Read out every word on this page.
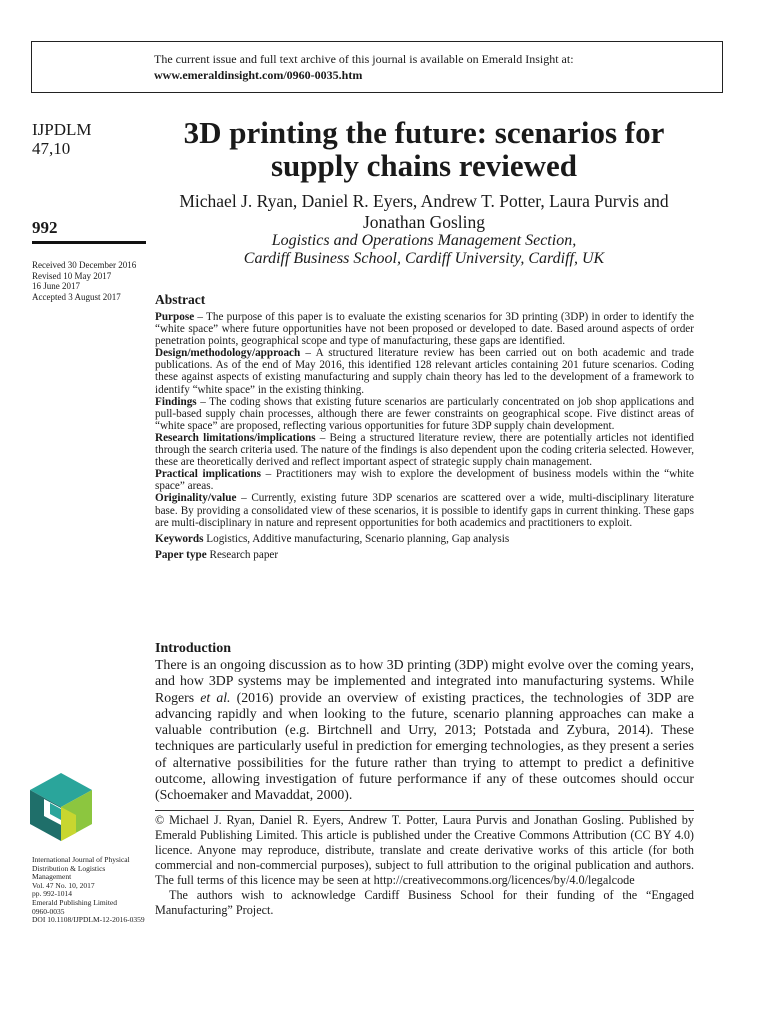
The current issue and full text archive of this journal is available on Emerald Insight at:
www.emeraldinsight.com/0960-0035.htm
IJPDLM
47,10
992
Received 30 December 2016
Revised 10 May 2017
16 June 2017
Accepted 3 August 2017
International Journal of Physical
Distribution & Logistics
Management
Vol. 47 No. 10, 2017
pp. 992-1014
Emerald Publishing Limited
0960-0035
DOI 10.1108/IJPDLM-12-2016-0359
3D printing the future: scenarios for supply chains reviewed
Michael J. Ryan, Daniel R. Eyers, Andrew T. Potter, Laura Purvis and Jonathan Gosling
Logistics and Operations Management Section,
Cardiff Business School, Cardiff University, Cardiff, UK
Abstract

Purpose – The purpose of this paper is to evaluate the existing scenarios for 3D printing (3DP) in order to identify the “white space” where future opportunities have not been proposed or developed to date. Based around aspects of order penetration points, geographical scope and type of manufacturing, these gaps are identified.

Design/methodology/approach – A structured literature review has been carried out on both academic and trade publications. As of the end of May 2016, this identified 128 relevant articles containing 201 future scenarios. Coding these against aspects of existing manufacturing and supply chain theory has led to the development of a framework to identify “white space” in the existing thinking.

Findings – The coding shows that existing future scenarios are particularly concentrated on job shop applications and pull-based supply chain processes, although there are fewer constraints on geographical scope. Five distinct areas of “white space” are proposed, reflecting various opportunities for future 3DP supply chain development.

Research limitations/implications – Being a structured literature review, there are potentially articles not identified through the search criteria used. The nature of the findings is also dependent upon the coding criteria selected. However, these are theoretically derived and reflect important aspect of strategic supply chain management.

Practical implications – Practitioners may wish to explore the development of business models within the “white space” areas.

Originality/value – Currently, existing future 3DP scenarios are scattered over a wide, multi-disciplinary literature base. By providing a consolidated view of these scenarios, it is possible to identify gaps in current thinking. These gaps are multi-disciplinary in nature and represent opportunities for both academics and practitioners to exploit.

Keywords Logistics, Additive manufacturing, Scenario planning, Gap analysis

Paper type Research paper

Introduction

There is an ongoing discussion as to how 3D printing (3DP) might evolve over the coming years, and how 3DP systems may be implemented and integrated into manufacturing systems. While Rogers et al. (2016) provide an overview of existing practices, the technologies of 3DP are advancing rapidly and when looking to the future, scenario planning approaches can make a valuable contribution (e.g. Birtchnell and Urry, 2013; Potstada and Zybura, 2014). These techniques are particularly useful in prediction for emerging technologies, as they present a series of alternative possibilities for the future rather than trying to attempt to predict a definitive outcome, allowing investigation of future performance if any of these outcomes should occur (Schoemaker and Mavaddat, 2000).

© Michael J. Ryan, Daniel R. Eyers, Andrew T. Potter, Laura Purvis and Jonathan Gosling. Published by Emerald Publishing Limited. This article is published under the Creative Commons Attribution (CC BY 4.0) licence. Anyone may reproduce, distribute, translate and create derivative works of this article (for both commercial and non-commercial purposes), subject to full attribution to the original publication and authors. The full terms of this licence may be seen at http://creativecommons.org/licences/by/4.0/legalcode

The authors wish to acknowledge Cardiff Business School for their funding of the “Engaged Manufacturing” Project.
